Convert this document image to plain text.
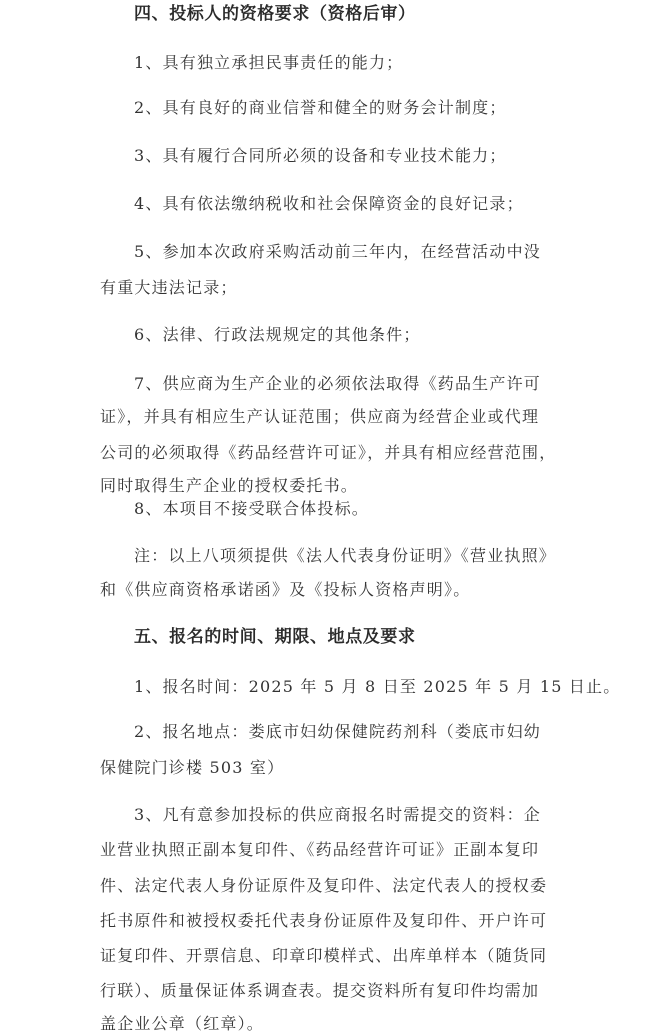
四、投标人的资格要求（资格后审）
1、具有独立承担民事责任的能力；
2、具有良好的商业信誉和健全的财务会计制度；
3、具有履行合同所必须的设备和专业技术能力；
4、具有依法缴纳税收和社会保障资金的良好记录；
5、参加本次政府采购活动前三年内，在经营活动中没
有重大违法记录；
6、法律、行政法规规定的其他条件；
7、供应商为生产企业的必须依法取得《药品生产许可
证》，并具有相应生产认证范围；供应商为经营企业或代理
公司的必须取得《药品经营许可证》，并具有相应经营范围，
同时取得生产企业的授权委托书。
8、本项目不接受联合体投标。
注：以上八项须提供《法人代表身份证明》《营业执照》
和《供应商资格承诺函》及《投标人资格声明》。
五、报名的时间、期限、地点及要求
1、报名时间：2025 年 5 月 8 日至 2025 年 5 月 15 日止。
2、报名地点：娄底市妇幼保健院药剂科（娄底市妇幼
保健院门诊楼 503 室）
3、凡有意参加投标的供应商报名时需提交的资料：企
业营业执照正副本复印件、《药品经营许可证》正副本复印
件、法定代表人身份证原件及复印件、法定代表人的授权委
托书原件和被授权委托代表身份证原件及复印件、开户许可
证复印件、开票信息、印章印模样式、出库单样本（随货同
行联）、质量保证体系调查表。提交资料所有复印件均需加
盖企业公章（红章）。
